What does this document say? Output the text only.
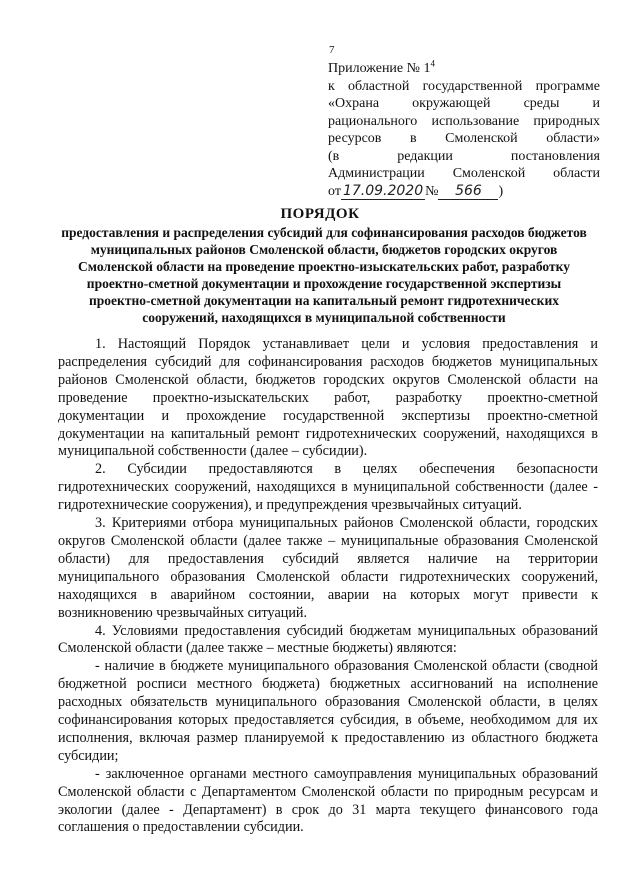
7
Приложение № $1^4$
к областной государственной программе
«Охрана окружающей среды и
рационального использование природных
ресурсов в Смоленской области»
(в редакции постановления
Администрации Смоленской области
от 17.09.2020 №	566	)
ПОРЯДОК
предоставления и распределения субсидий для софинансирования расходов бюджетов муниципальных районов Смоленской области, бюджетов городских округов Смоленской области на проведение проектно-изыскательских работ, разработку проектно-сметной документации и прохождение государственной экспертизы проектно-сметной документации на капитальный ремонт гидротехнических сооружений, находящихся в муниципальной собственности

1. Настоящий Порядок устанавливает цели и условия предоставления и распределения субсидий для софинансирования расходов бюджетов муниципальных районов Смоленской области, бюджетов городских округов Смоленской области на проведение проектно-изыскательских работ, разработку проектно-сметной документации и прохождение государственной экспертизы проектно-сметной документации на капитальный ремонт гидротехнических сооружений, находящихся в муниципальной собственности (далее – субсидии).

2. Субсидии предоставляются в целях обеспечения безопасности гидротехнических сооружений, находящихся в муниципальной собственности (далее - гидротехнические сооружения), и предупреждения чрезвычайных ситуаций.

3. Критериями отбора муниципальных районов Смоленской области, городских округов Смоленской области (далее также – муниципальные образования Смоленской области) для предоставления субсидий является наличие на территории муниципального образования Смоленской области гидротехнических сооружений, находящихся в аварийном состоянии, аварии на которых могут привести к возникновению чрезвычайных ситуаций.

4. Условиями предоставления субсидий бюджетам муниципальных образований Смоленской области (далее также – местные бюджеты) являются:

- наличие в бюджете муниципального образования Смоленской области (сводной бюджетной росписи местного бюджета) бюджетных ассигнований на исполнение расходных обязательств муниципального образования Смоленской области, в целях софинансирования которых предоставляется субсидия, в объеме, необходимом для их исполнения, включая размер планируемой к предоставлению из областного бюджета субсидии;

- заключенное органами местного самоуправления муниципальных образований Смоленской области с Департаментом Смоленской области по природным ресурсам и экологии (далее - Департамент) в срок до 31 марта текущего финансового года соглашения о предоставлении субсидии.
